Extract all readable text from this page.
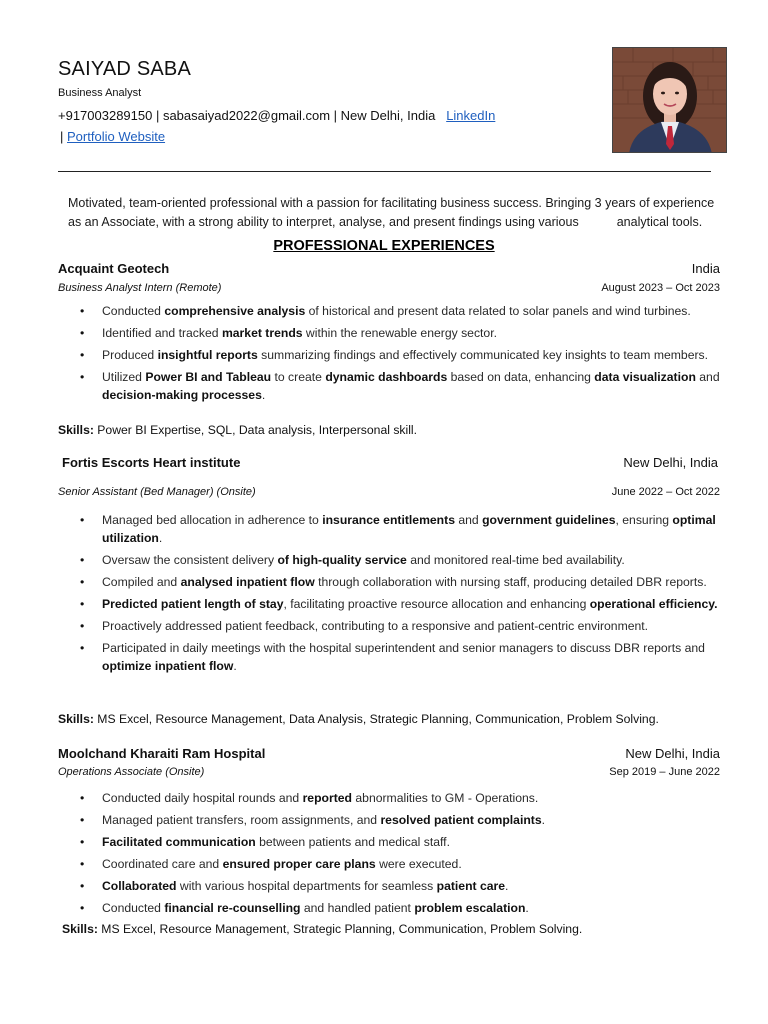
SAIYAD SABA
Business Analyst
+917003289150 | sabasaiyad2022@gmail.com | New Delhi, India LinkedIn
| Portfolio Website
Motivated, team-oriented professional with a passion for facilitating business success. Bringing 3 years of experience
as an Associate, with a strong ability to interpret, analyse, and present findings using various	analytical tools.
PROFESSIONAL EXPERIENCES
Acquaint Geotech	India
Business Analyst Intern (Remote)	August 2023 – Oct 2023
• Conducted comprehensive analysis of historical and present data related to solar panels and wind turbines.
• Identified and tracked market trends within the renewable energy sector.
• Produced insightful reports summarizing findings and effectively communicated key insights to team members.
• Utilized Power BI and Tableau to create dynamic dashboards based on data, enhancing data visualization and decision-making processes.
Skills: Power BI Expertise, SQL, Data analysis, Interpersonal skill.
Fortis Escorts Heart institute	New Delhi, India
Senior Assistant (Bed Manager) (Onsite)	June 2022 – Oct 2022
• Managed bed allocation in adherence to insurance entitlements and government guidelines, ensuring optimal utilization.
• Oversaw the consistent delivery of high-quality service and monitored real-time bed availability.
• Compiled and analysed inpatient flow through collaboration with nursing staff, producing detailed DBR reports.
• Predicted patient length of stay, facilitating proactive resource allocation and enhancing operational efficiency.
• Proactively addressed patient feedback, contributing to a responsive and patient-centric environment.
• Participated in daily meetings with the hospital superintendent and senior managers to discuss DBR reports and optimize inpatient flow.
Skills: MS Excel, Resource Management, Data Analysis, Strategic Planning, Communication, Problem Solving.
Moolchand Kharaiti Ram Hospital	New Delhi, India
Operations Associate (Onsite)	Sep 2019 – June 2022
• Conducted daily hospital rounds and reported abnormalities to GM - Operations.
• Managed patient transfers, room assignments, and resolved patient complaints.
• Facilitated communication between patients and medical staff.
• Coordinated care and ensured proper care plans were executed.
• Collaborated with various hospital departments for seamless patient care.
• Conducted financial re-counselling and handled patient problem escalation.
Skills: MS Excel, Resource Management, Strategic Planning, Communication, Problem Solving.
